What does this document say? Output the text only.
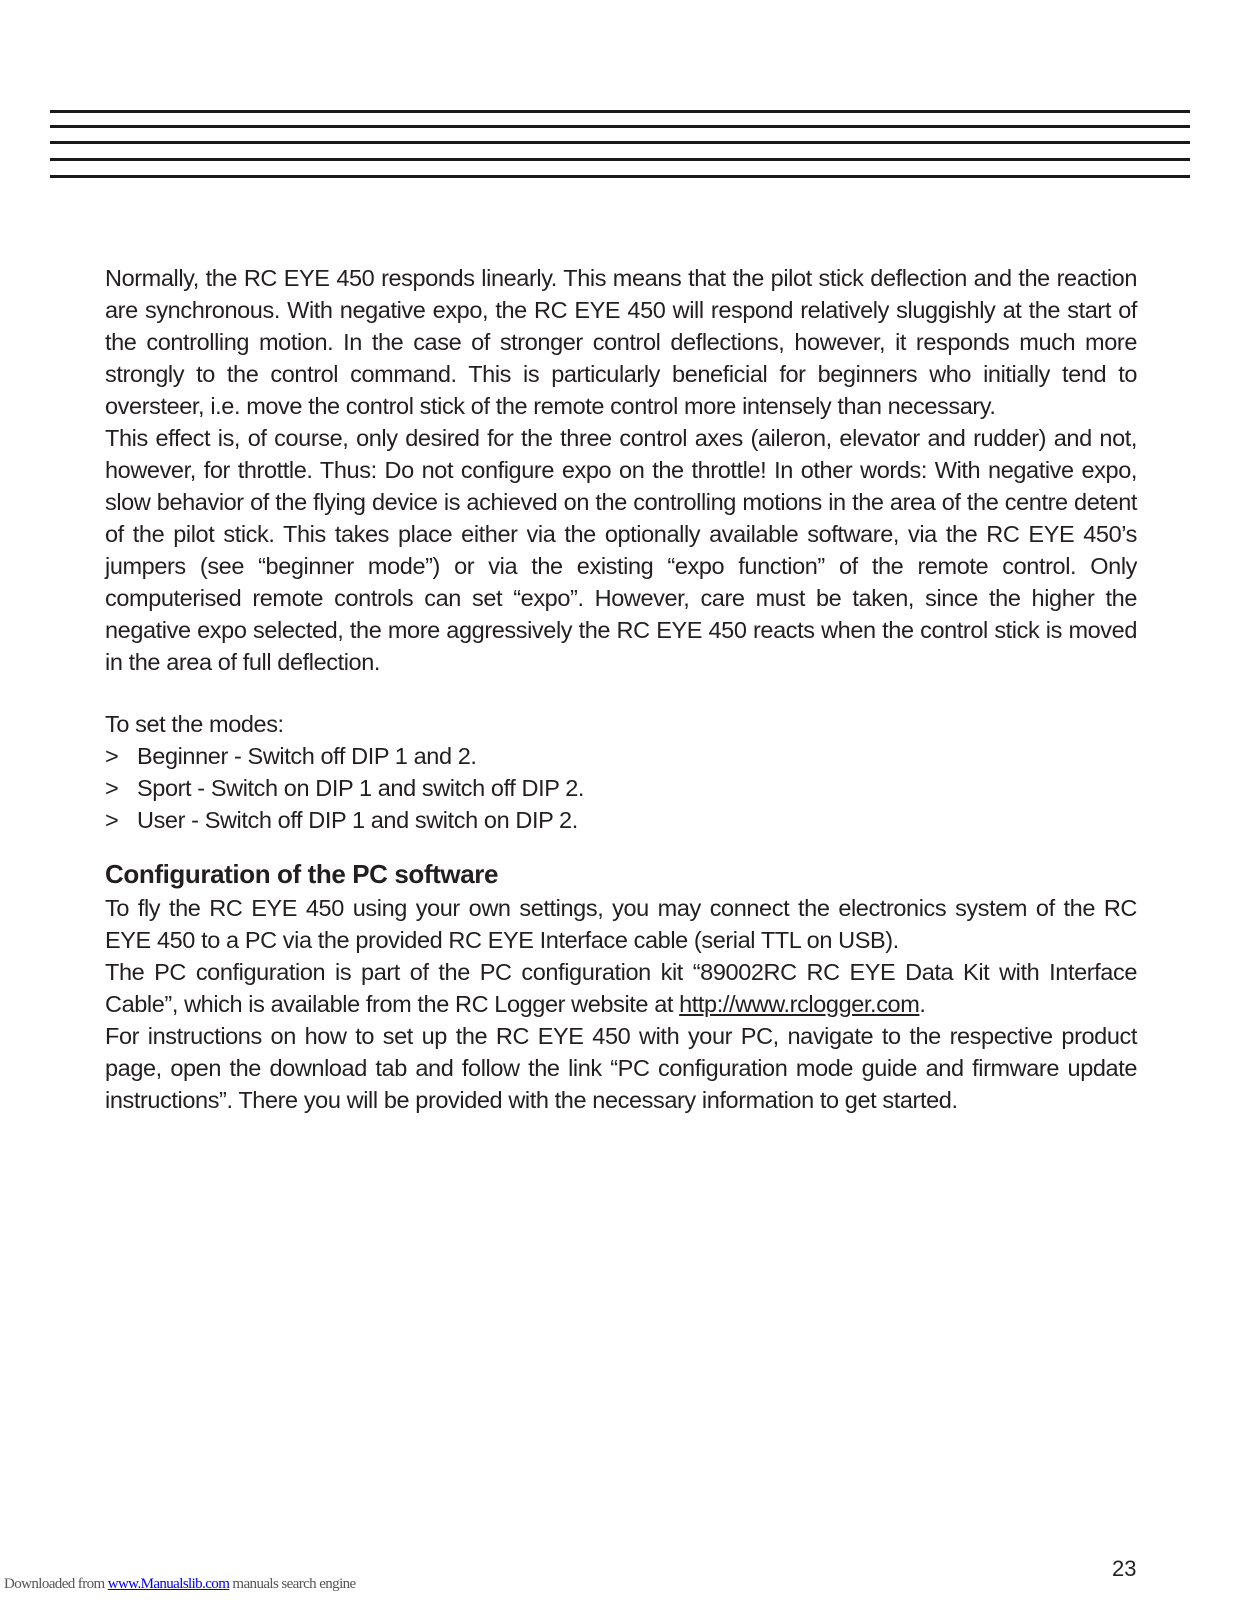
Normally, the RC EYE 450 responds linearly. This means that the pilot stick deflection and the reaction are synchronous. With negative expo, the RC EYE 450 will respond relatively sluggishly at the start of the controlling motion. In the case of stronger control deflections, however, it responds much more strongly to the control command. This is particularly beneficial for beginners who initially tend to oversteer, i.e. move the control stick of the remote control more intensely than necessary.

This effect is, of course, only desired for the three control axes (aileron, elevator and rudder) and not, however, for throttle. Thus: Do not configure expo on the throttle! In other words: With negative expo, slow behavior of the flying device is achieved on the controlling motions in the area of the centre detent of the pilot stick. This takes place either via the optionally available software, via the RC EYE 450’s jumpers (see “beginner mode”) or via the existing “expo function” of the remote control. Only computerised remote controls can set “expo”. However, care must be taken, since the higher the negative expo selected, the more aggressively the RC EYE 450 reacts when the control stick is moved in the area of full deflection.

To set the modes:

> Beginner - Switch off DIP 1 and 2.
> Sport - Switch on DIP 1 and switch off DIP 2.
> User - Switch off DIP 1 and switch on DIP 2.
Configuration of the PC software

To fly the RC EYE 450 using your own settings, you may connect the electronics system of the RC EYE 450 to a PC via the provided RC EYE Interface cable (serial TTL on USB).

The PC configuration is part of the PC configuration kit “89002RC RC EYE Data Kit with Interface Cable”, which is available from the RC Logger website at http://www.rclogger.com.

For instructions on how to set up the RC EYE 450 with your PC, navigate to the respective product page, open the download tab and follow the link “PC configuration mode guide and firmware update instructions”. There you will be provided with the necessary information to get started.

23
Downloaded from www.Manualslib.com manuals search engine
